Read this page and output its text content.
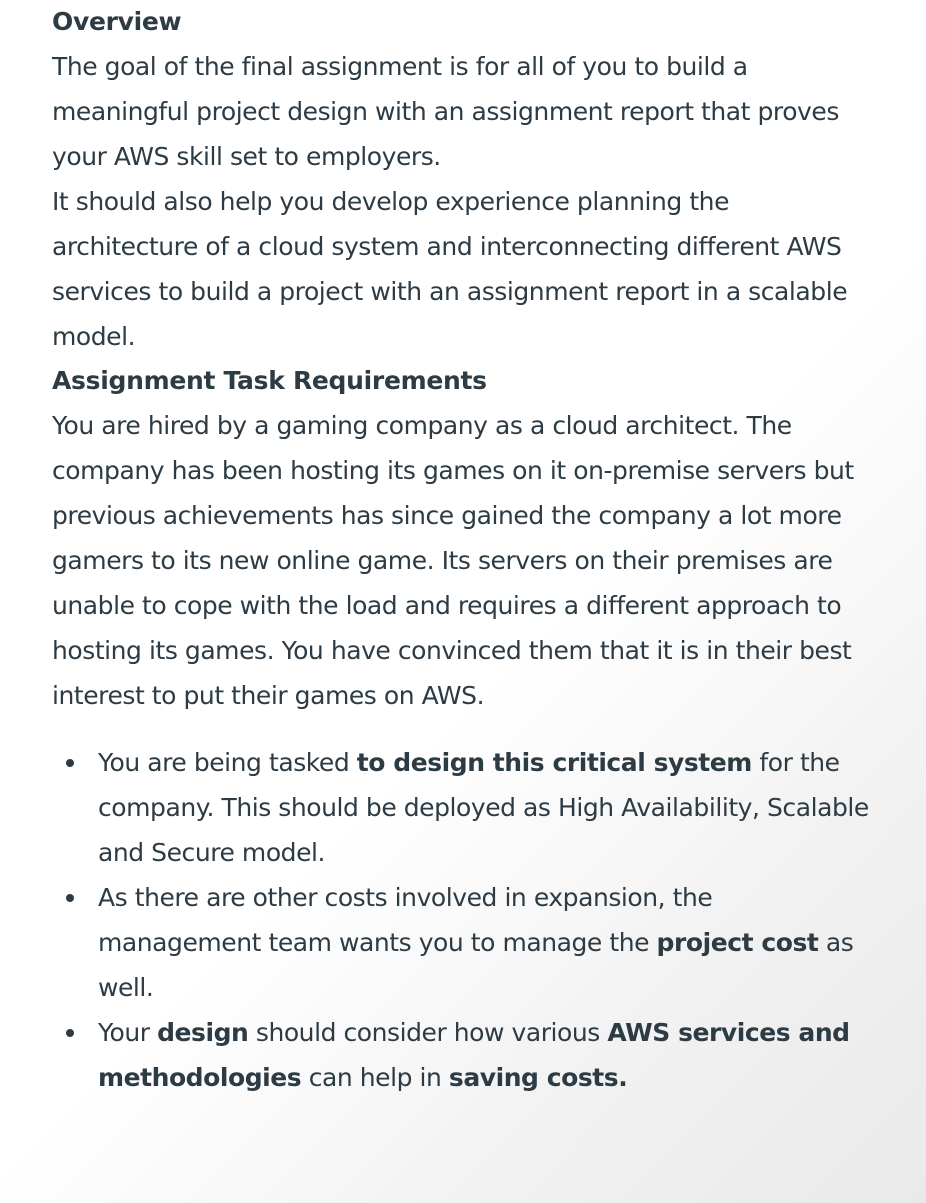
Overview

The goal of the final assignment is for all of you to build a meaningful project design with an assignment report that proves your AWS skill set to employers.

It should also help you develop experience planning the architecture of a cloud system and interconnecting different AWS services to build a project with an assignment report in a scalable model.

Assignment Task Requirements

You are hired by a gaming company as a cloud architect. The company has been hosting its games on it on-premise servers but previous achievements has since gained the company a lot more gamers to its new online game. Its servers on their premises are unable to cope with the load and requires a different approach to hosting its games. You have convinced them that it is in their best interest to put their games on AWS.

You are being tasked to design this critical system for the company. This should be deployed as High Availability, Scalable and Secure model.
As there are other costs involved in expansion, the management team wants you to manage the project cost as well.
Your design should consider how various AWS services and methodologies can help in saving costs.
